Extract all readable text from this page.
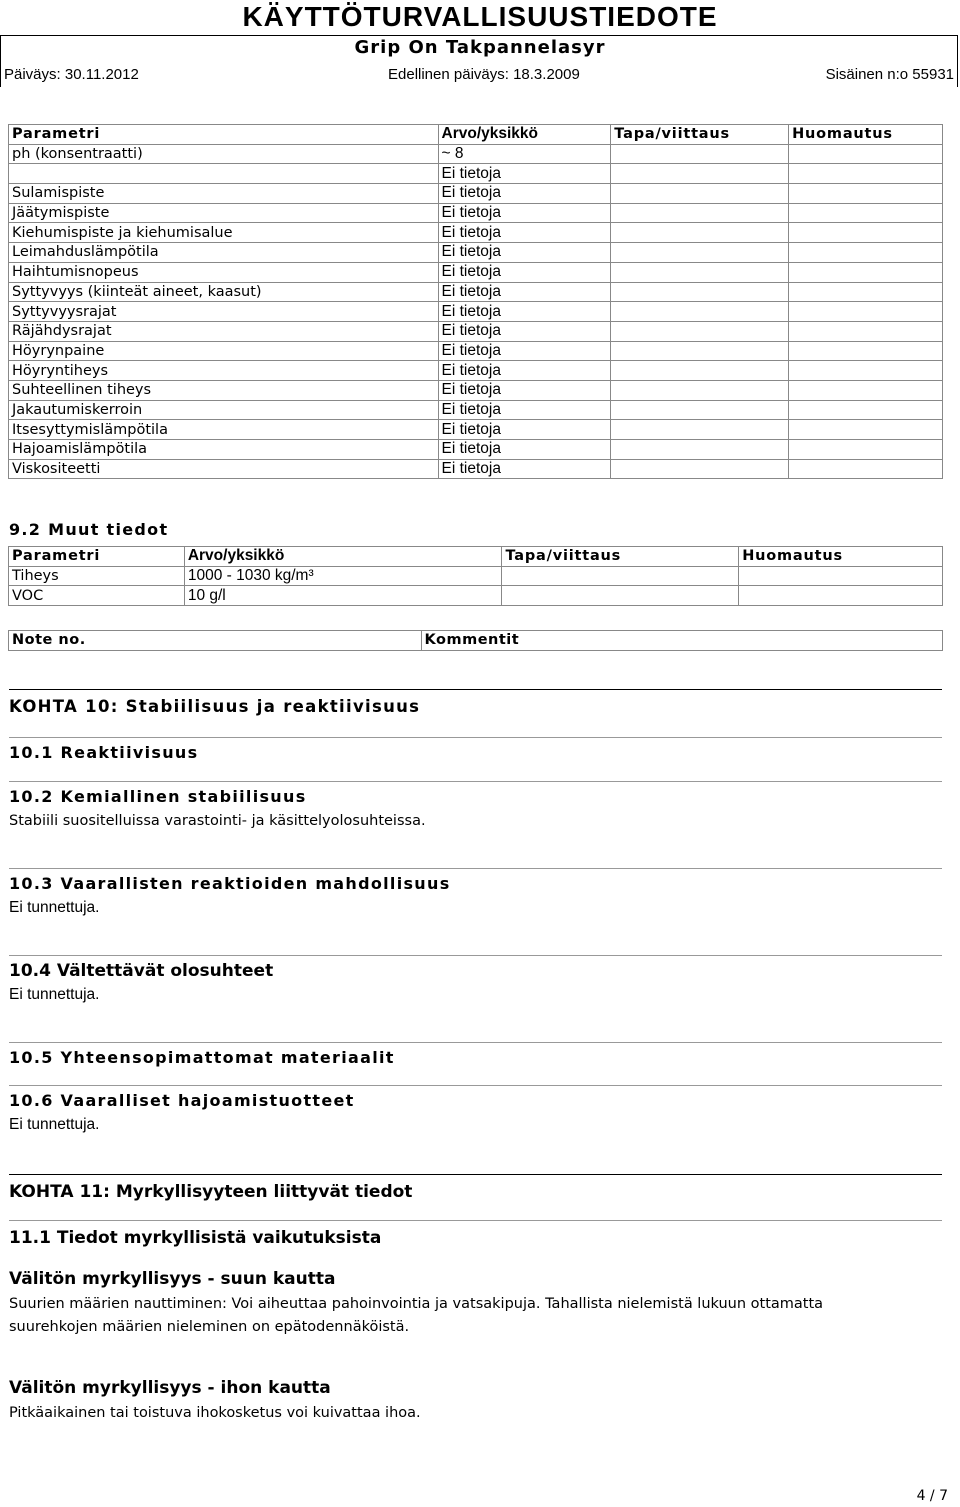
KÄYTTÖTURVALLISUUSTIEDOTE
Grip On Takpannelasyr
Päiväys: 30.11.2012	Edellinen päiväys: 18.3.2009	Sisäinen n:o 55931
Parametri	Arvo/yksikkö	Tapa/viittaus	Huomautus
ph (konsentraatti)	~ 8		
	Ei tietoja		
Sulamispiste	Ei tietoja		
Jäätymispiste	Ei tietoja		
Kiehumispiste ja kiehumisalue	Ei tietoja		
Leimahduslämpötila	Ei tietoja		
Haihtumisnopeus	Ei tietoja		
Syttyvyys (kiinteät aineet, kaasut)	Ei tietoja		
Syttyvyysrajat	Ei tietoja		
Räjähdysrajat	Ei tietoja		
Höyrynpaine	Ei tietoja		
Höyryntiheys	Ei tietoja		
Suhteellinen tiheys	Ei tietoja		
Jakautumiskerroin	Ei tietoja		
Itsesyttymislämpötila	Ei tietoja		
Hajoamislämpötila	Ei tietoja		
Viskositeetti	Ei tietoja		
9.2 Muut tiedot
Parametri	Arvo/yksikkö	Tapa/viittaus	Huomautus
Tiheys	1000 - 1030 kg/m³		
VOC	10 g/l		
Note no.	Kommentit
KOHTA 10: Stabiilisuus ja reaktiivisuus
10.1 Reaktiivisuus
10.2 Kemiallinen stabiilisuus
Stabiili suositelluissa varastointi- ja käsittelyolosuhteissa.
10.3 Vaarallisten reaktioiden mahdollisuus
Ei tunnettuja.
10.4 Vältettävät olosuhteet
Ei tunnettuja.
10.5 Yhteensopimattomat materiaalit
10.6 Vaaralliset hajoamistuotteet
Ei tunnettuja.
KOHTA 11: Myrkyllisyyteen liittyvät tiedot
11.1 Tiedot myrkyllisistä vaikutuksista
Välitön myrkyllisyys - suun kautta
Suurien määrien nauttiminen: Voi aiheuttaa pahoinvointia ja vatsakipuja. Tahallista nielemistä lukuun ottamatta
suurehkojen määrien nieleminen on epätodennäköistä.
Välitön myrkyllisyys - ihon kautta
Pitkäaikainen tai toistuva ihokosketus voi kuivattaa ihoa.
4 / 7
